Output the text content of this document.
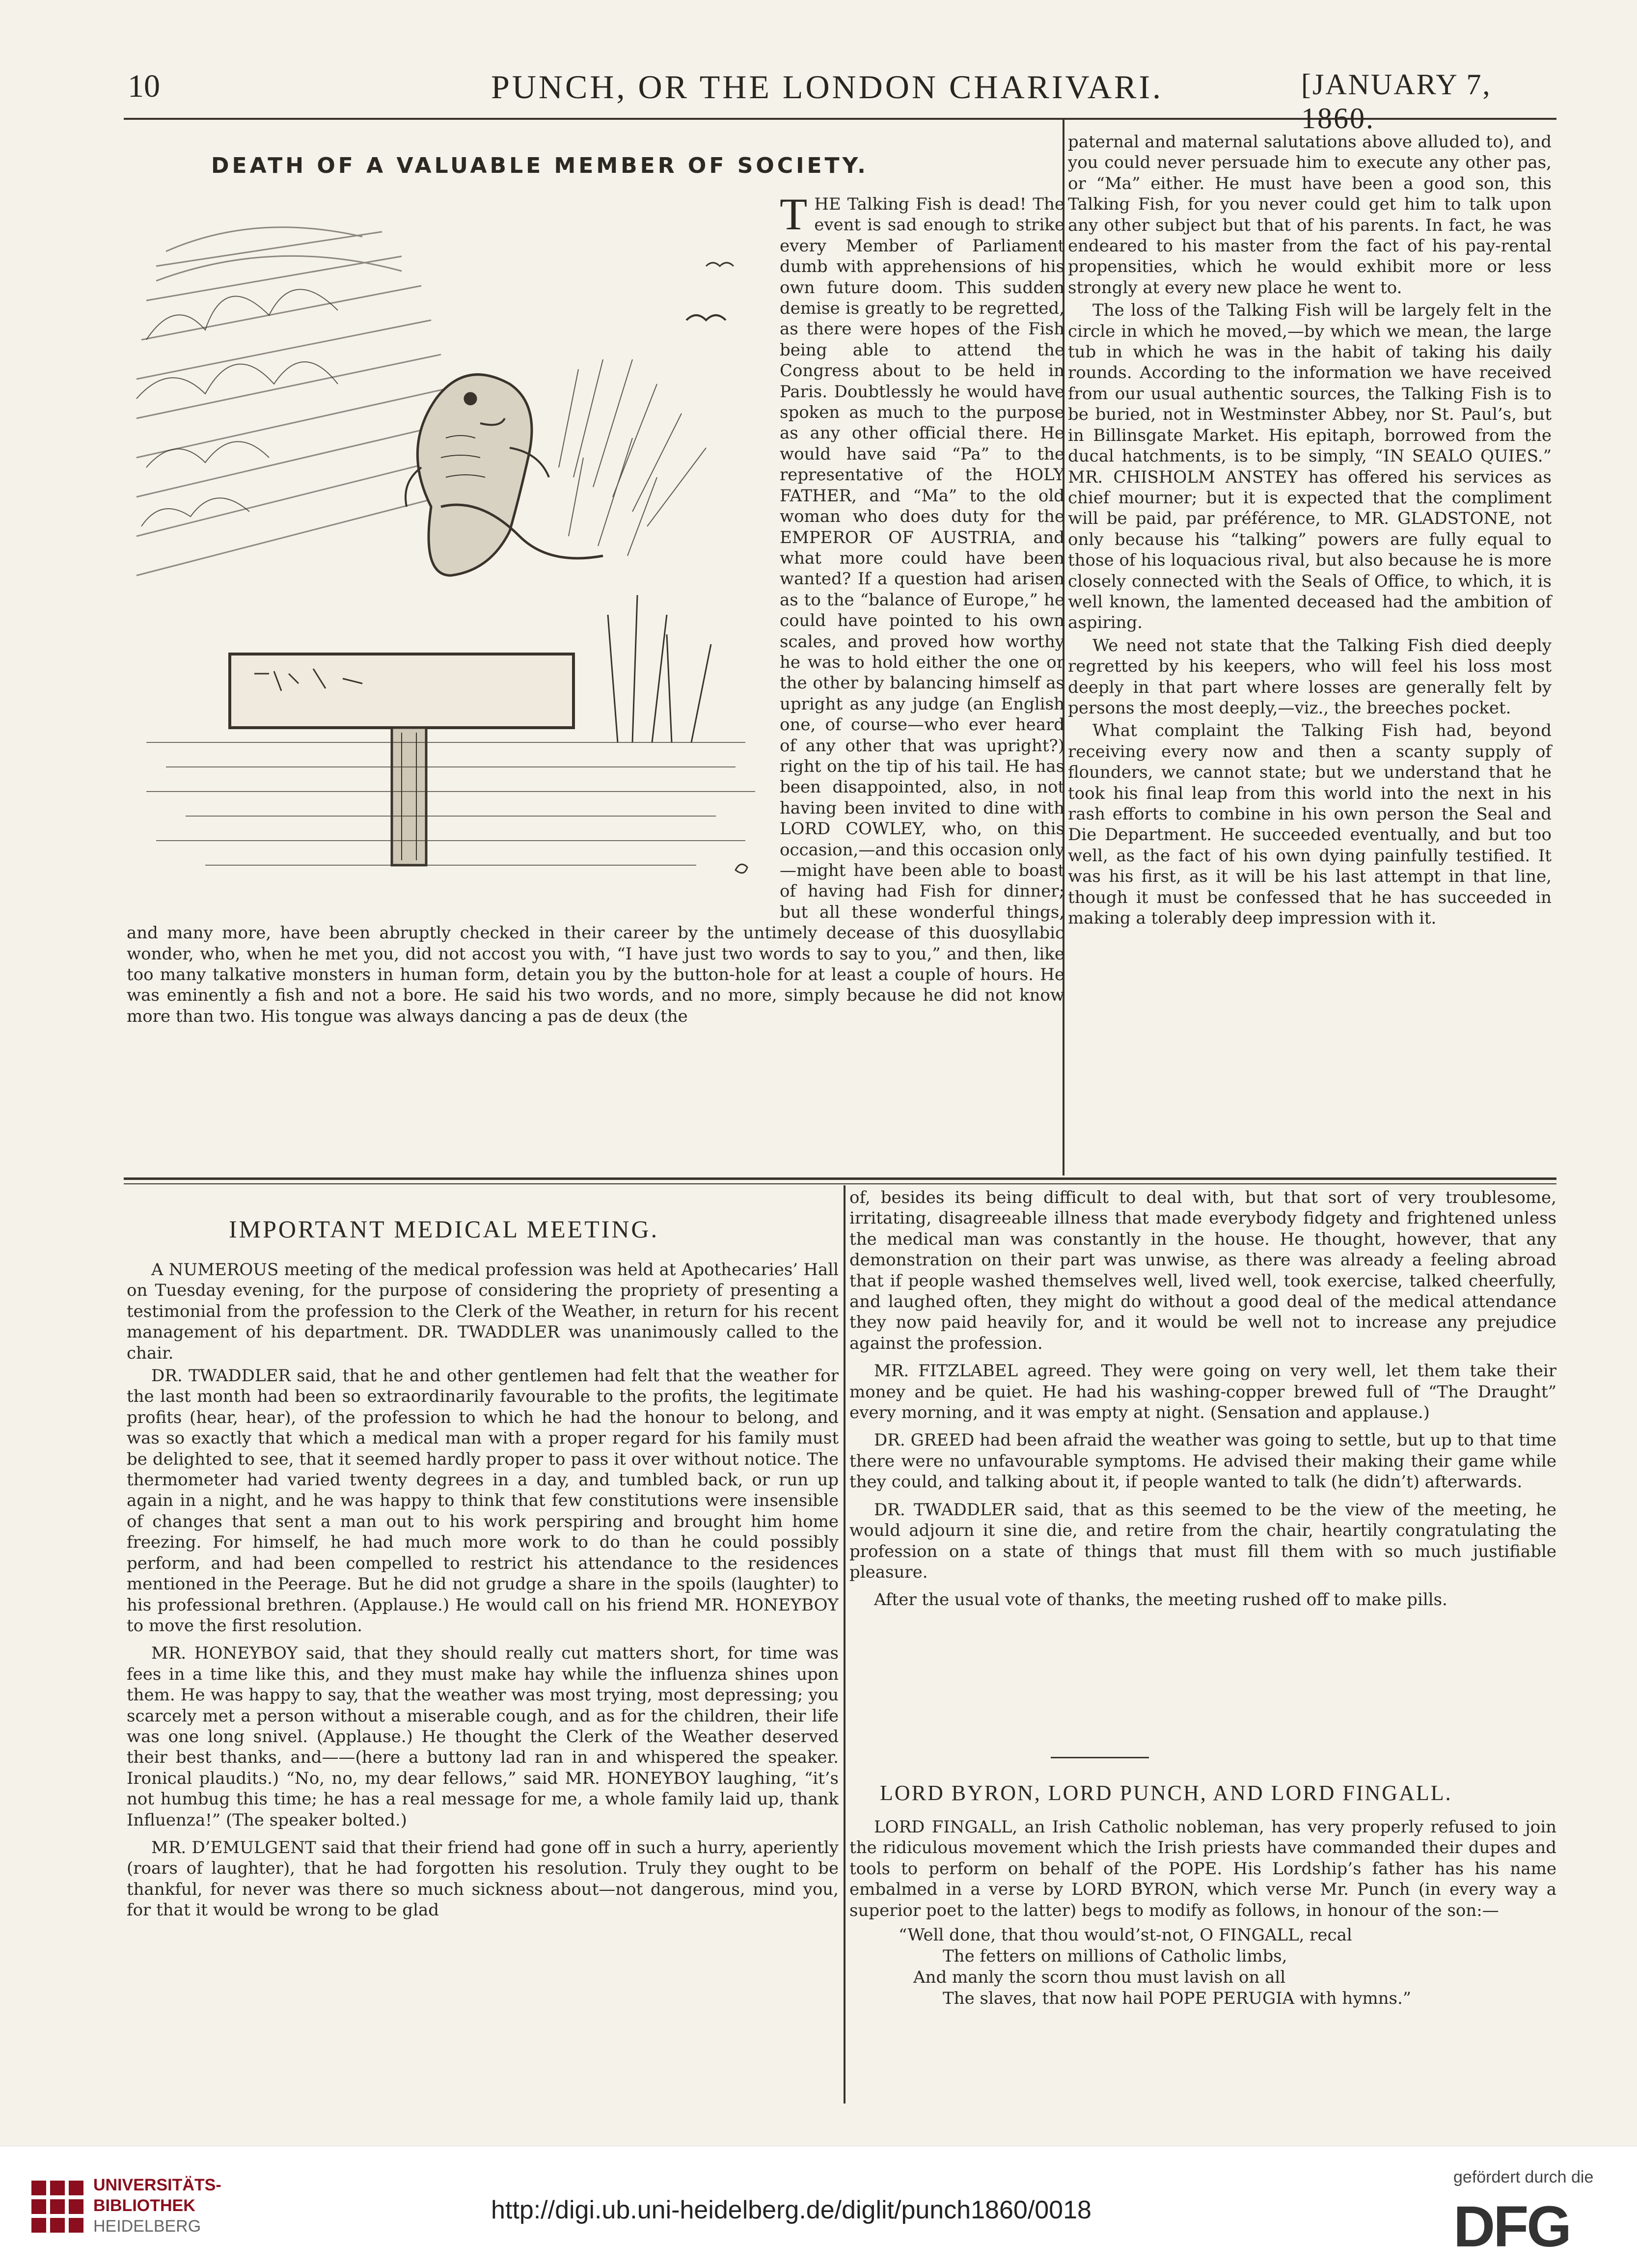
10	PUNCH, OR THE LONDON CHARIVARI.	[JANUARY 7, 1860.
DEATH OF A VALUABLE MEMBER OF SOCIETY.

THE Talking Fish is dead! The event is sad enough to strike every Member of Parliament dumb with apprehensions of his own future doom. This sudden demise is greatly to be regretted, as there were hopes of the Fish being able to attend the Congress about to be held in Paris. Doubtlessly he would have spoken as much to the purpose as any other official there. He would have said “Pa” to the representative of the HOLY FATHER, and “Ma” to the old woman who does duty for the EMPEROR OF AUSTRIA, and what more could have been wanted? If a question had arisen as to the “balance of Europe,” he could have pointed to his own scales, and proved how worthy he was to hold either the one or the other by balancing himself as upright as any judge (an English one, of course—who ever heard of any other that was upright?) right on the tip of his tail. He has been disappointed, also, in not having been invited to dine with LORD COWLEY, who, on this occasion,—and this occasion only—might have been able to boast of having had Fish for dinner; but all these wonderful things, and many more, have been abruptly checked in their career by the untimely decease of this duosyllabic wonder, who, when he met you, did not accost you with, “I have just two words to say to you,” and then, like too many talkative monsters in human form, detain you by the button-hole for at least a couple of hours. He was eminently a fish and not a bore. He said his two words, and no more, simply because he did not know more than two. His tongue was always dancing a pas de deux (the

paternal and maternal salutations above alluded to), and you could never persuade him to execute any other pas, or “Ma” either. He must have been a good son, this Talking Fish, for you never could get him to talk upon any other subject but that of his parents. In fact, he was endeared to his master from the fact of his pay-rental propensities, which he would exhibit more or less strongly at every new place he went to.

The loss of the Talking Fish will be largely felt in the circle in which he moved,—by which we mean, the large tub in which he was in the habit of taking his daily rounds. According to the information we have received from our usual authentic sources, the Talking Fish is to be buried, not in Westminster Abbey, nor St. Paul’s, but in Billinsgate Market. His epitaph, borrowed from the ducal hatchments, is to be simply, “IN SEALO QUIES.” MR. CHISHOLM ANSTEY has offered his services as chief mourner; but it is expected that the compliment will be paid, par préférence, to MR. GLADSTONE, not only because his “talking” powers are fully equal to those of his loquacious rival, but also because he is more closely connected with the Seals of Office, to which, it is well known, the lamented deceased had the ambition of aspiring.

We need not state that the Talking Fish died deeply regretted by his keepers, who will feel his loss most deeply in that part where losses are generally felt by persons the most deeply,—viz., the breeches pocket.

What complaint the Talking Fish had, beyond receiving every now and then a scanty supply of flounders, we cannot state; but we understand that he took his final leap from this world into the next in his rash efforts to combine in his own person the Seal and Die Department. He succeeded eventually, and but too well, as the fact of his own dying painfully testified. It was his first, as it will be his last attempt in that line, though it must be confessed that he has succeeded in making a tolerably deep impression with it.

IMPORTANT MEDICAL MEETING.

A NUMEROUS meeting of the medical profession was held at Apothecaries’ Hall on Tuesday evening, for the purpose of considering the propriety of presenting a testimonial from the profession to the Clerk of the Weather, in return for his recent management of his department. DR. TWADDLER was unanimously called to the chair.

DR. TWADDLER said, that he and other gentlemen had felt that the weather for the last month had been so extraordinarily favourable to the profits, the legitimate profits (hear, hear), of the profession to which he had the honour to belong, and was so exactly that which a medical man with a proper regard for his family must be delighted to see, that it seemed hardly proper to pass it over without notice. The thermometer had varied twenty degrees in a day, and tumbled back, or run up again in a night, and he was happy to think that few constitutions were insensible of changes that sent a man out to his work perspiring and brought him home freezing. For himself, he had much more work to do than he could possibly perform, and had been compelled to restrict his attendance to the residences mentioned in the Peerage. But he did not grudge a share in the spoils (laughter) to his professional brethren. (Applause.) He would call on his friend MR. HONEYBOY to move the first resolution.

MR. HONEYBOY said, that they should really cut matters short, for time was fees in a time like this, and they must make hay while the influenza shines upon them. He was happy to say, that the weather was most trying, most depressing; you scarcely met a person without a miserable cough, and as for the children, their life was one long snivel. (Applause.) He thought the Clerk of the Weather deserved their best thanks, and——(here a buttony lad ran in and whispered the speaker. Ironical plaudits.) “No, no, my dear fellows,” said MR. HONEYBOY laughing, “it’s not humbug this time; he has a real message for me, a whole family laid up, thank Influenza!” (The speaker bolted.)

MR. D’EMULGENT said that their friend had gone off in such a hurry, aperiently (roars of laughter), that he had forgotten his resolution. Truly they ought to be thankful, for never was there so much sickness about—not dangerous, mind you, for that it would be wrong to be glad

of, besides its being difficult to deal with, but that sort of very troublesome, irritating, disagreeable illness that made everybody fidgety and frightened unless the medical man was constantly in the house. He thought, however, that any demonstration on their part was unwise, as there was already a feeling abroad that if people washed themselves well, lived well, took exercise, talked cheerfully, and laughed often, they might do without a good deal of the medical attendance they now paid heavily for, and it would be well not to increase any prejudice against the profession.

MR. FITZLABEL agreed. They were going on very well, let them take their money and be quiet. He had his washing-copper brewed full of “The Draught” every morning, and it was empty at night. (Sensation and applause.)

DR. GREED had been afraid the weather was going to settle, but up to that time there were no unfavourable symptoms. He advised their making their game while they could, and talking about it, if people wanted to talk (he didn’t) afterwards.

DR. TWADDLER said, that as this seemed to be the view of the meeting, he would adjourn it sine die, and retire from the chair, heartily congratulating the profession on a state of things that must fill them with so much justifiable pleasure.

After the usual vote of thanks, the meeting rushed off to make pills.

LORD BYRON, LORD PUNCH, AND LORD FINGALL.

LORD FINGALL, an Irish Catholic nobleman, has very properly refused to join the ridiculous movement which the Irish priests have commanded their dupes and tools to perform on behalf of the POPE. His Lordship’s father has his name embalmed in a verse by LORD BYRON, which verse Mr. Punch (in every way a superior poet to the latter) begs to modify as follows, in honour of the son:—

“Well done, that thou would’st-not, O FINGALL, recal
The fetters on millions of Catholic limbs,
And manly the scorn thou must lavish on all
The slaves, that now hail POPE PERUGIA with hymns.”
UNIVERSITÄTS-
BIBLIOTHEK
HEIDELBERG
http://digi.ub.uni-heidelberg.de/diglit/punch1860/0018
gefördert durch die
DFG
